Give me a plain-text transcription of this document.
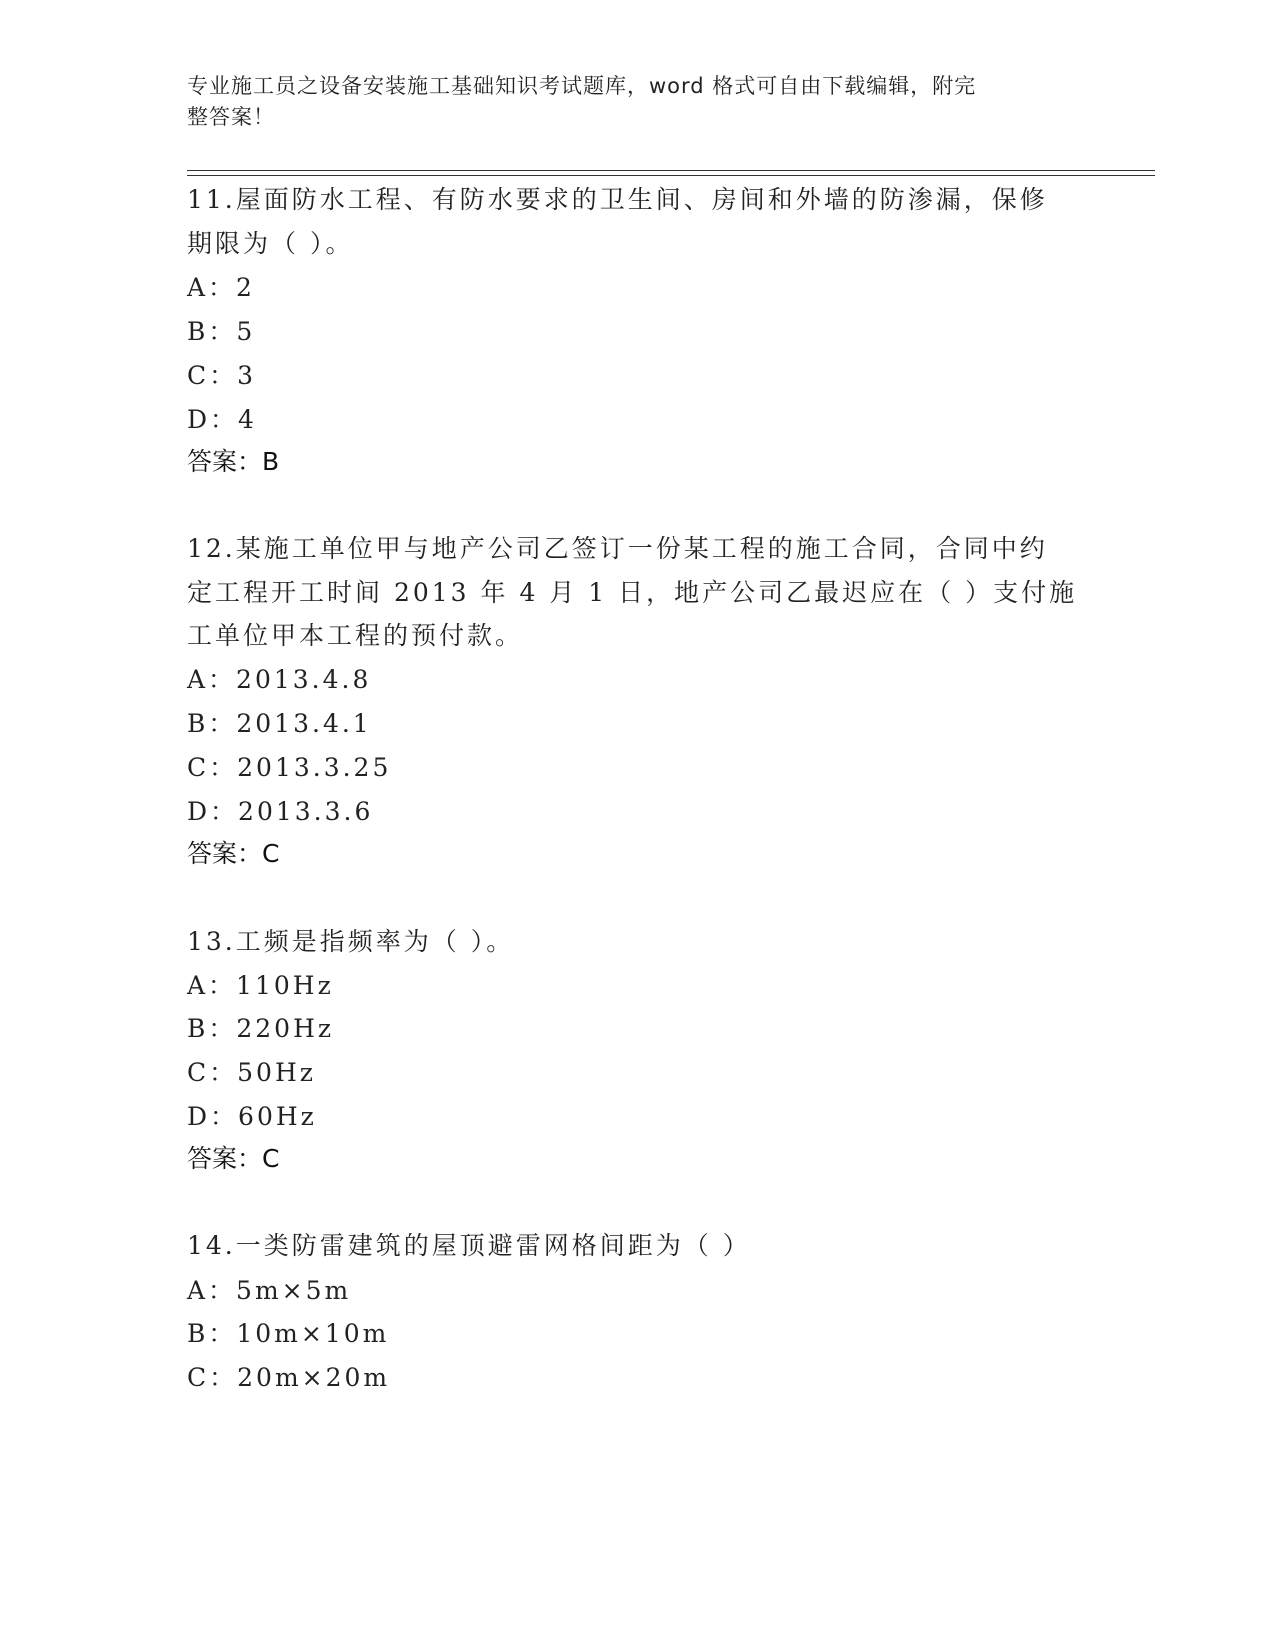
专业施工员之设备安装施工基础知识考试题库，word 格式可自由下载编辑，附完

整答案！

11.屋面防水工程、有防水要求的卫生间、房间和外墙的防渗漏，保修

期限为（ ）。

A：2

B：5

C：3

D：4

答案：B

12.某施工单位甲与地产公司乙签订一份某工程的施工合同，合同中约

定工程开工时间 2013 年 4 月 1 日，地产公司乙最迟应在（ ）支付施

工单位甲本工程的预付款。

A：2013.4.8

B：2013.4.1

C：2013.3.25

D：2013.3.6

答案：C

13.工频是指频率为（ ）。

A：110Hz

B：220Hz

C：50Hz

D：60Hz

答案：C

14.一类防雷建筑的屋顶避雷网格间距为（ ）

A：5m×5m

B：10m×10m

C：20m×20m
